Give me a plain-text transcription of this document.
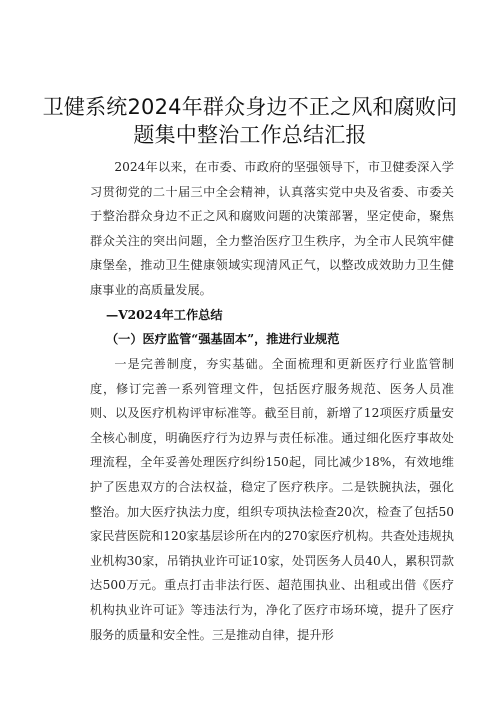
卫健系统2024年群众身边不正之风和腐败问
题集中整治工作总结汇报

2024年以来，在市委、市政府的坚强领导下，市卫健委深入学习贯彻党的二十届三中全会精神，认真落实党中央及省委、市委关于整治群众身边不正之风和腐败问题的决策部署，坚定使命，聚焦群众关注的突出问题，全力整治医疗卫生秩序，为全市人民筑牢健康堡垒，推动卫生健康领域实现清风正气，以整改成效助力卫生健康事业的高质量发展。

—V2024年工作总结
（一）医疗监管“强基固本”，推进行业规范

一是完善制度，夯实基础。全面梳理和更新医疗行业监管制度，修订完善一系列管理文件，包括医疗服务规范、医务人员准则、以及医疗机构评审标准等。截至目前，新增了12项医疗质量安全核心制度，明确医疗行为边界与责任标准。通过细化医疗事故处理流程，全年妥善处理医疗纠纷150起，同比减少18%，有效地维护了医患双方的合法权益，稳定了医疗秩序。二是铁腕执法，强化整治。加大医疗执法力度，组织专项执法检查20次，检查了包括50家民营医院和120家基层诊所在内的270家医疗机构。共查处违规执业机构30家，吊销执业许可证10家，处罚医务人员40人，累积罚款达500万元。重点打击非法行医、超范围执业、出租或出借《医疗机构执业许可证》等违法行为，净化了医疗市场环境，提升了医疗服务的质量和安全性。三是推动自律，提升形
